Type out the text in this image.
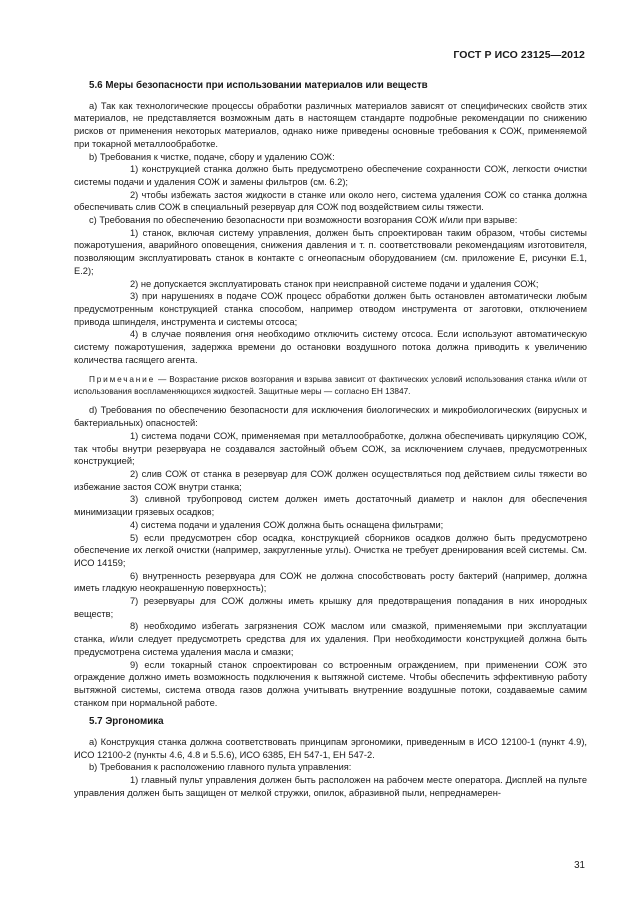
ГОСТ Р ИСО 23125—2012

5.6 Меры безопасности при использовании материалов или веществ

а) Так как технологические процессы обработки различных материалов зависят от специфических свойств этих материалов, не представляется возможным дать в настоящем стандарте подробные рекомендации по снижению рисков от применения некоторых материалов, однако ниже приведены основные требования к СОЖ, применяемой при токарной металлообработке.

b) Требования к чистке, подаче, сбору и удалению СОЖ:

1) конструкцией станка должно быть предусмотрено обеспечение сохранности СОЖ, легкости очистки системы подачи и удаления СОЖ и замены фильтров (см. 6.2);

2) чтобы избежать застоя жидкости в станке или около него, система удаления СОЖ со станка должна обеспечивать слив СОЖ в специальный резервуар для СОЖ под воздействием силы тяжести.

с) Требования по обеспечению безопасности при возможности возгорания СОЖ и/или при взрыве:

1) станок, включая систему управления, должен быть спроектирован таким образом, чтобы системы пожаротушения, аварийного оповещения, снижения давления и т. п. соответствовали рекомендациям изготовителя, позволяющим эксплуатировать станок в контакте с огнеопасным оборудованием (см. приложение Е, рисунки Е.1, Е.2);

2) не допускается эксплуатировать станок при неисправной системе подачи и удаления СОЖ;

3) при нарушениях в подаче СОЖ процесс обработки должен быть остановлен автоматически любым предусмотренным конструкцией станка способом, например отводом инструмента от заготовки, отключением привода шпинделя, инструмента и системы отсоса;

4) в случае появления огня необходимо отключить систему отсоса. Если используют автоматическую систему пожаротушения, задержка времени до остановки воздушного потока должна приводить к увеличению количества гасящего агента.

Примечание — Возрастание рисков возгорания и взрыва зависит от фактических условий использования станка и/или от использования воспламеняющихся жидкостей. Защитные меры — согласно ЕН 13847.

d) Требования по обеспечению безопасности для исключения биологических и микробиологических (вирусных и бактериальных) опасностей:

1) система подачи СОЖ, применяемая при металлообработке, должна обеспечивать циркуляцию СОЖ, так чтобы внутри резервуара не создавался застойный объем СОЖ, за исключением случаев, предусмотренных конструкцией;

2) слив СОЖ от станка в резервуар для СОЖ должен осуществляться под действием силы тяжести во избежание застоя СОЖ внутри станка;

3) сливной трубопровод систем должен иметь достаточный диаметр и наклон для обеспечения минимизации грязевых осадков;

4) система подачи и удаления СОЖ должна быть оснащена фильтрами;

5) если предусмотрен сбор осадка, конструкцией сборников осадков должно быть предусмотрено обеспечение их легкой очистки (например, закругленные углы). Очистка не требует дренирования всей системы. См. ИСО 14159;

6) внутренность резервуара для СОЖ не должна способствовать росту бактерий (например, должна иметь гладкую неокрашенную поверхность);

7) резервуары для СОЖ должны иметь крышку для предотвращения попадания в них инородных веществ;

8) необходимо избегать загрязнения СОЖ маслом или смазкой, применяемыми при эксплуатации станка, и/или следует предусмотреть средства для их удаления. При необходимости конструкцией должна быть предусмотрена система удаления масла и смазки;

9) если токарный станок спроектирован со встроенным ограждением, при применении СОЖ это ограждение должно иметь возможность подключения к вытяжной системе. Чтобы обеспечить эффективную работу вытяжной системы, система отвода газов должна учитывать внутренние воздушные потоки, создаваемые самим станком при нормальной работе.

5.7 Эргономика

а) Конструкция станка должна соответствовать принципам эргономики, приведенным в ИСО 12100-1 (пункт 4.9), ИСО 12100-2 (пункты 4.6, 4.8 и 5.5.6), ИСО 6385, ЕН 547-1, ЕН 547-2.

b) Требования к расположению главного пульта управления:

1) главный пульт управления должен быть расположен на рабочем месте оператора. Дисплей на пульте управления должен быть защищен от мелкой стружки, опилок, абразивной пыли, непреднамерен-

31
